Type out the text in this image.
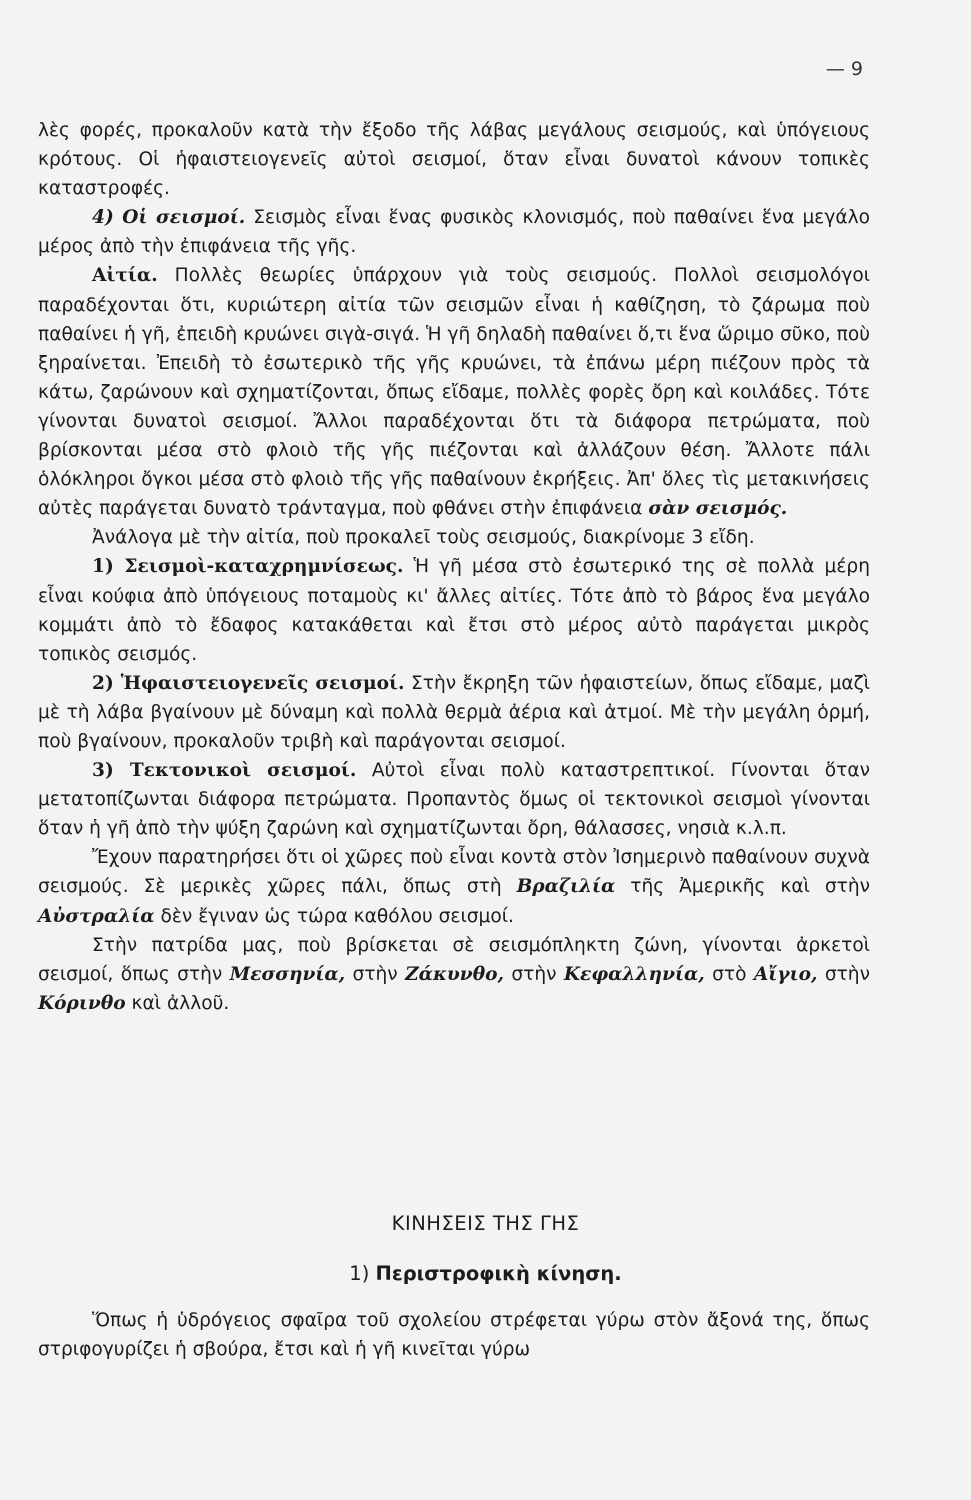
— 9

λὲς φορές, προκαλοῦν κατὰ τὴν ἔξοδο τῆς λάβας μεγάλους σεισμούς, καὶ ὑπόγειους κρότους. Οἱ ἡφαιστειογενεῖς αὐτοὶ σεισμοί, ὅταν εἶναι δυνατοὶ κάνουν τοπικὲς καταστροφές.

4) Οἱ σεισμοί. Σεισμὸς εἶναι ἕνας φυσικὸς κλονισμός, ποὺ παθαίνει ἕνα μεγάλο μέρος ἀπὸ τὴν ἐπιφάνεια τῆς γῆς.

Αἰτία. Πολλὲς θεωρίες ὑπάρχουν γιὰ τοὺς σεισμούς. Πολλοὶ σεισμολόγοι παραδέχονται ὅτι, κυριώτερη αἰτία τῶν σεισμῶν εἶναι ἡ καθίζηση, τὸ ζάρωμα ποὺ παθαίνει ἡ γῆ, ἐπειδὴ κρυώνει σιγὰ-σιγά. Ἡ γῆ δηλαδὴ παθαίνει ὅ,τι ἕνα ὥριμο σῦκο, ποὺ ξηραίνεται. Ἐπειδὴ τὸ ἐσωτερικὸ τῆς γῆς κρυώνει, τὰ ἐπάνω μέρη πιέζουν πρὸς τὰ κάτω, ζαρώνουν καὶ σχηματίζονται, ὅπως εἴδαμε, πολλὲς φορὲς ὄρη καὶ κοιλάδες. Τότε γίνονται δυνατοὶ σεισμοί. Ἄλλοι παραδέχονται ὅτι τὰ διάφορα πετρώματα, ποὺ βρίσκονται μέσα στὸ φλοιὸ τῆς γῆς πιέζονται καὶ ἀλλάζουν θέση. Ἄλλοτε πάλι ὁλόκληροι ὄγκοι μέσα στὸ φλοιὸ τῆς γῆς παθαίνουν ἐκρήξεις. Ἀπ' ὅλες τὶς μετακινήσεις αὐτὲς παράγεται δυνατὸ τράνταγμα, ποὺ φθάνει στὴν ἐπιφάνεια σὰν σεισμός.

Ἀνάλογα μὲ τὴν αἰτία, ποὺ προκαλεῖ τοὺς σεισμούς, διακρίνομε 3 εἴδη.

1) Σεισμοὶ-καταχρημνίσεως. Ἡ γῆ μέσα στὸ ἐσωτερικό της σὲ πολλὰ μέρη εἶναι κούφια ἀπὸ ὑπόγειους ποταμοὺς κι' ἄλλες αἰτίες. Τότε ἀπὸ τὸ βάρος ἕνα μεγάλο κομμάτι ἀπὸ τὸ ἔδαφος κατακάθεται καὶ ἔτσι στὸ μέρος αὐτὸ παράγεται μικρὸς τοπικὸς σεισμός.

2) Ἡφαιστειογενεῖς σεισμοί. Στὴν ἔκρηξη τῶν ἡφαιστείων, ὅπως εἴδαμε, μαζὶ μὲ τὴ λάβα βγαίνουν μὲ δύναμη καὶ πολλὰ θερμὰ ἀέρια καὶ ἀτμοί. Μὲ τὴν μεγάλη ὁρμή, ποὺ βγαίνουν, προκαλοῦν τριβὴ καὶ παράγονται σεισμοί.

3) Τεκτονικοὶ σεισμοί. Αὐτοὶ εἶναι πολὺ καταστρεπτικοί. Γίνονται ὅταν μετατοπίζωνται διάφορα πετρώματα. Προπαντὸς ὅμως οἱ τεκτονικοὶ σεισμοὶ γίνονται ὅταν ἡ γῆ ἀπὸ τὴν ψύξη ζαρώνη καὶ σχηματίζωνται ὄρη, θάλασσες, νησιὰ κ.λ.π.

Ἔχουν παρατηρήσει ὅτι οἱ χῶρες ποὺ εἶναι κοντὰ στὸν Ἰσημερινὸ παθαίνουν συχνὰ σεισμούς. Σὲ μερικὲς χῶρες πάλι, ὅπως στὴ Βραζιλία τῆς Ἀμερικῆς καὶ στὴν Αὐστραλία δὲν ἔγιναν ὡς τώρα καθόλου σεισμοί.

Στὴν πατρίδα μας, ποὺ βρίσκεται σὲ σεισμόπληκτη ζώνη, γίνονται ἀρκετοὶ σεισμοί, ὅπως στὴν Μεσσηνία, στὴν Ζάκυνθο, στὴν Κεφαλληνία, στὸ Αἴγιο, στὴν Κόρινθο καὶ ἀλλοῦ.

ΚΙΝΗΣΕΙΣ ΤΗΣ ΓΗΣ
1) Περιστροφικὴ κίνηση.

Ὅπως ἡ ὑδρόγειος σφαῖρα τοῦ σχολείου στρέφεται γύρω στὸν ἄξονά της, ὅπως στριφογυρίζει ἡ σβούρα, ἔτσι καὶ ἡ γῆ κινεῖται γύρω
